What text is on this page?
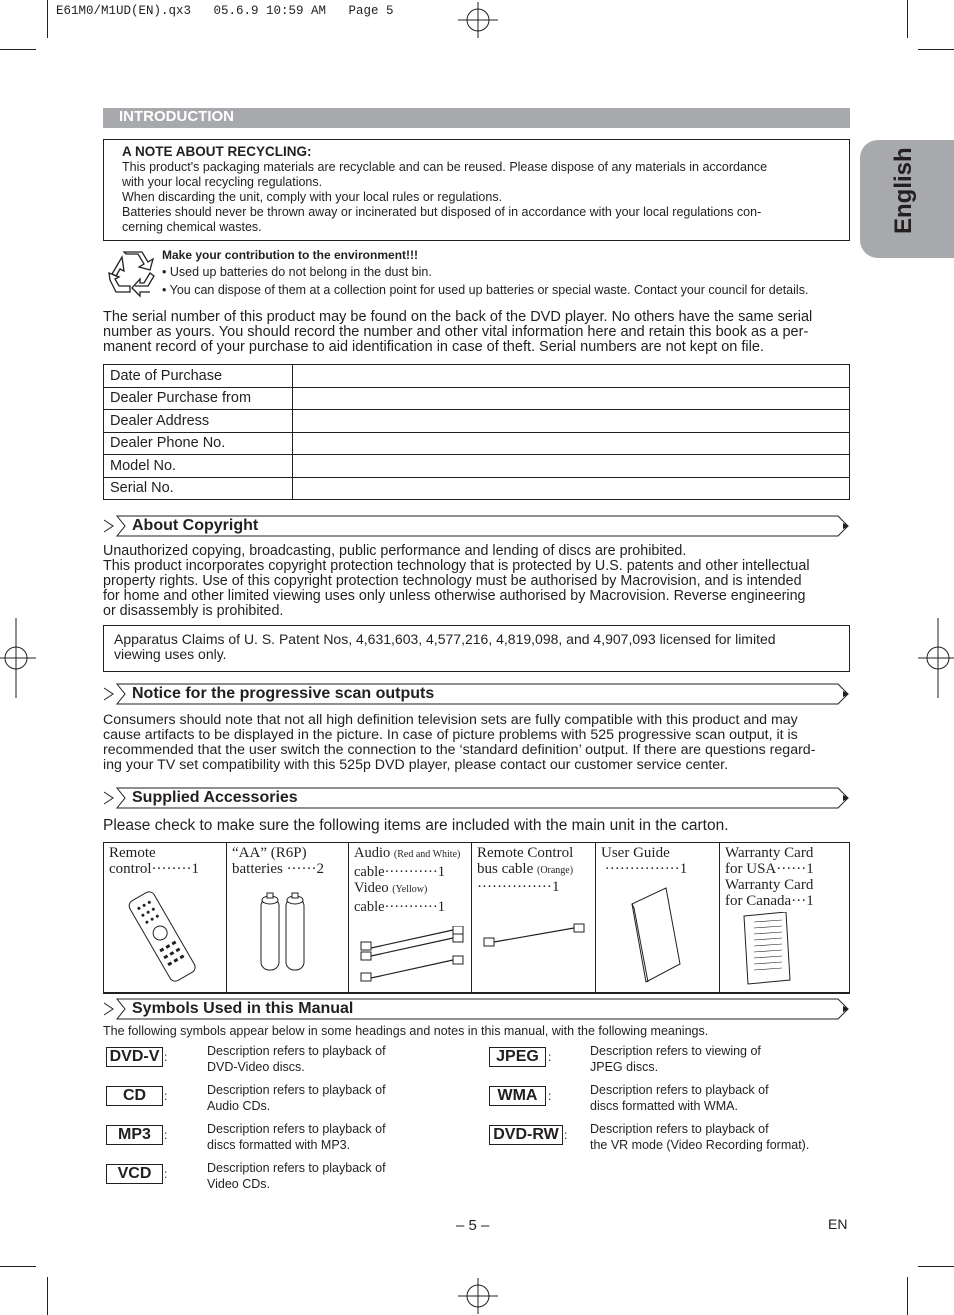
E61M0/M1UD(EN).qx3   05.6.9 10:59 AM   Page 5
English
INTRODUCTION
A NOTE ABOUT RECYCLING:
This product's packaging materials are recyclable and can be reused. Please dispose of any materials in accordance
with your local recycling regulations.
When discarding the unit, comply with your local rules or regulations.
Batteries should never be thrown away or incinerated but disposed of in accordance with your local regulations con-
cerning chemical wastes.
Make your contribution to the environment!!!
• Used up batteries do not belong in the dust bin.
• You can dispose of them at a collection point for used up batteries or special waste. Contact your council for details.
The serial number of this product may be found on the back of the DVD player. No others have the same serial
number as yours. You should record the number and other vital information here and retain this book as a per-
manent record of your purchase to aid identification in case of theft. Serial numbers are not kept on file.
Date of Purchase	
Dealer Purchase from	
Dealer Address	
Dealer Phone No.	
Model No.	
Serial No.	
About Copyright
Unauthorized copying, broadcasting, public performance and lending of discs are prohibited.
This product incorporates copyright protection technology that is protected by U.S. patents and other intellectual
property rights. Use of this copyright protection technology must be authorised by Macrovision, and is intended
for home and other limited viewing uses only unless otherwise authorised by Macrovision. Reverse engineering
or disassembly is prohibited.
Apparatus Claims of U. S. Patent Nos, 4,631,603, 4,577,216, 4,819,098, and 4,907,093 licensed for limited
viewing uses only.
Notice for the progressive scan outputs
Consumers should note that not all high definition television sets are fully compatible with this product and may
cause artifacts to be displayed in the picture. In case of picture problems with 525 progressive scan output, it is
recommended that the user switch the connection to the ‘standard definition’ output. If there are questions regard-
ing your TV set compatibility with this 525p DVD player, please contact our customer service center.
Supplied Accessories
Please check to make sure the following items are included with the main unit in the carton.
Remote
control········1
“AA” (R6P)
batteries ······2
Audio (Red and White)
cable···········1
Video (Yellow)
cable···········1
Remote Control
bus cable (Orange)
···············1
User Guide
···············1
Warranty Card
for USA······1
Warranty Card
for Canada···1
Symbols Used in this Manual
The following symbols appear below in some headings and notes in this manual, with the following meanings.
DVD-V :	Description refers to playback of
DVD-Video discs.
CD	:	Description refers to playback of
Audio CDs.
MP3	:	Description refers to playback of
discs formatted with MP3.
VCD	:	Description refers to playback of
Video CDs.
JPEG :	Description refers to viewing of
JPEG discs.
WMA :	Description refers to playback of
discs formatted with WMA.
DVD-RW : Description refers to playback of
the VR mode (Video Recording format).
– 5 –	EN
